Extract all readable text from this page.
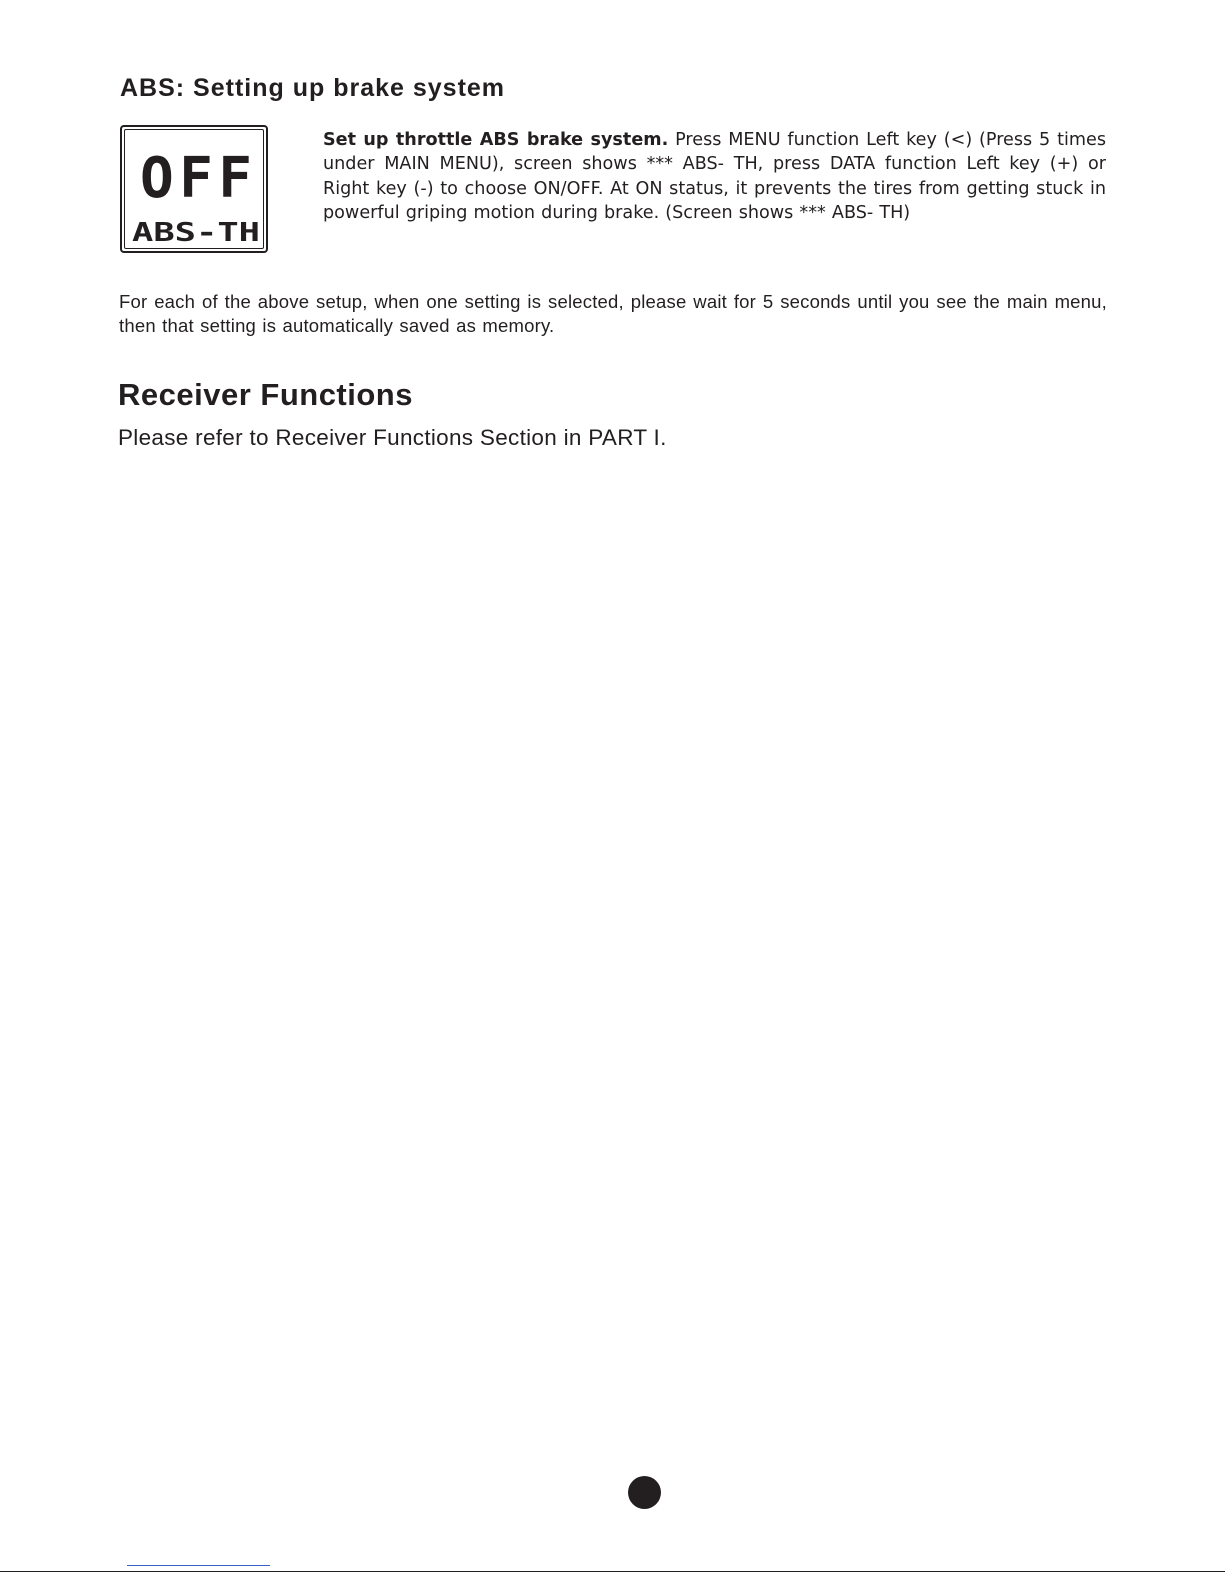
ABS: Setting up brake system
OFF
ABS-TH

Set up throttle ABS brake system. Press MENU function Left key (<) (Press 5 times under MAIN MENU), screen shows *** ABS- TH, press DATA function Left key (+) or Right key (-) to choose ON/OFF. At ON status, it prevents the tires from getting stuck in powerful griping motion during brake. (Screen shows *** ABS- TH)

For each of the above setup, when one setting is selected, please wait for 5 seconds until you see the main menu, then that setting is automatically saved as memory.

Receiver Functions

Please refer to Receiver Functions Section in PART I.
